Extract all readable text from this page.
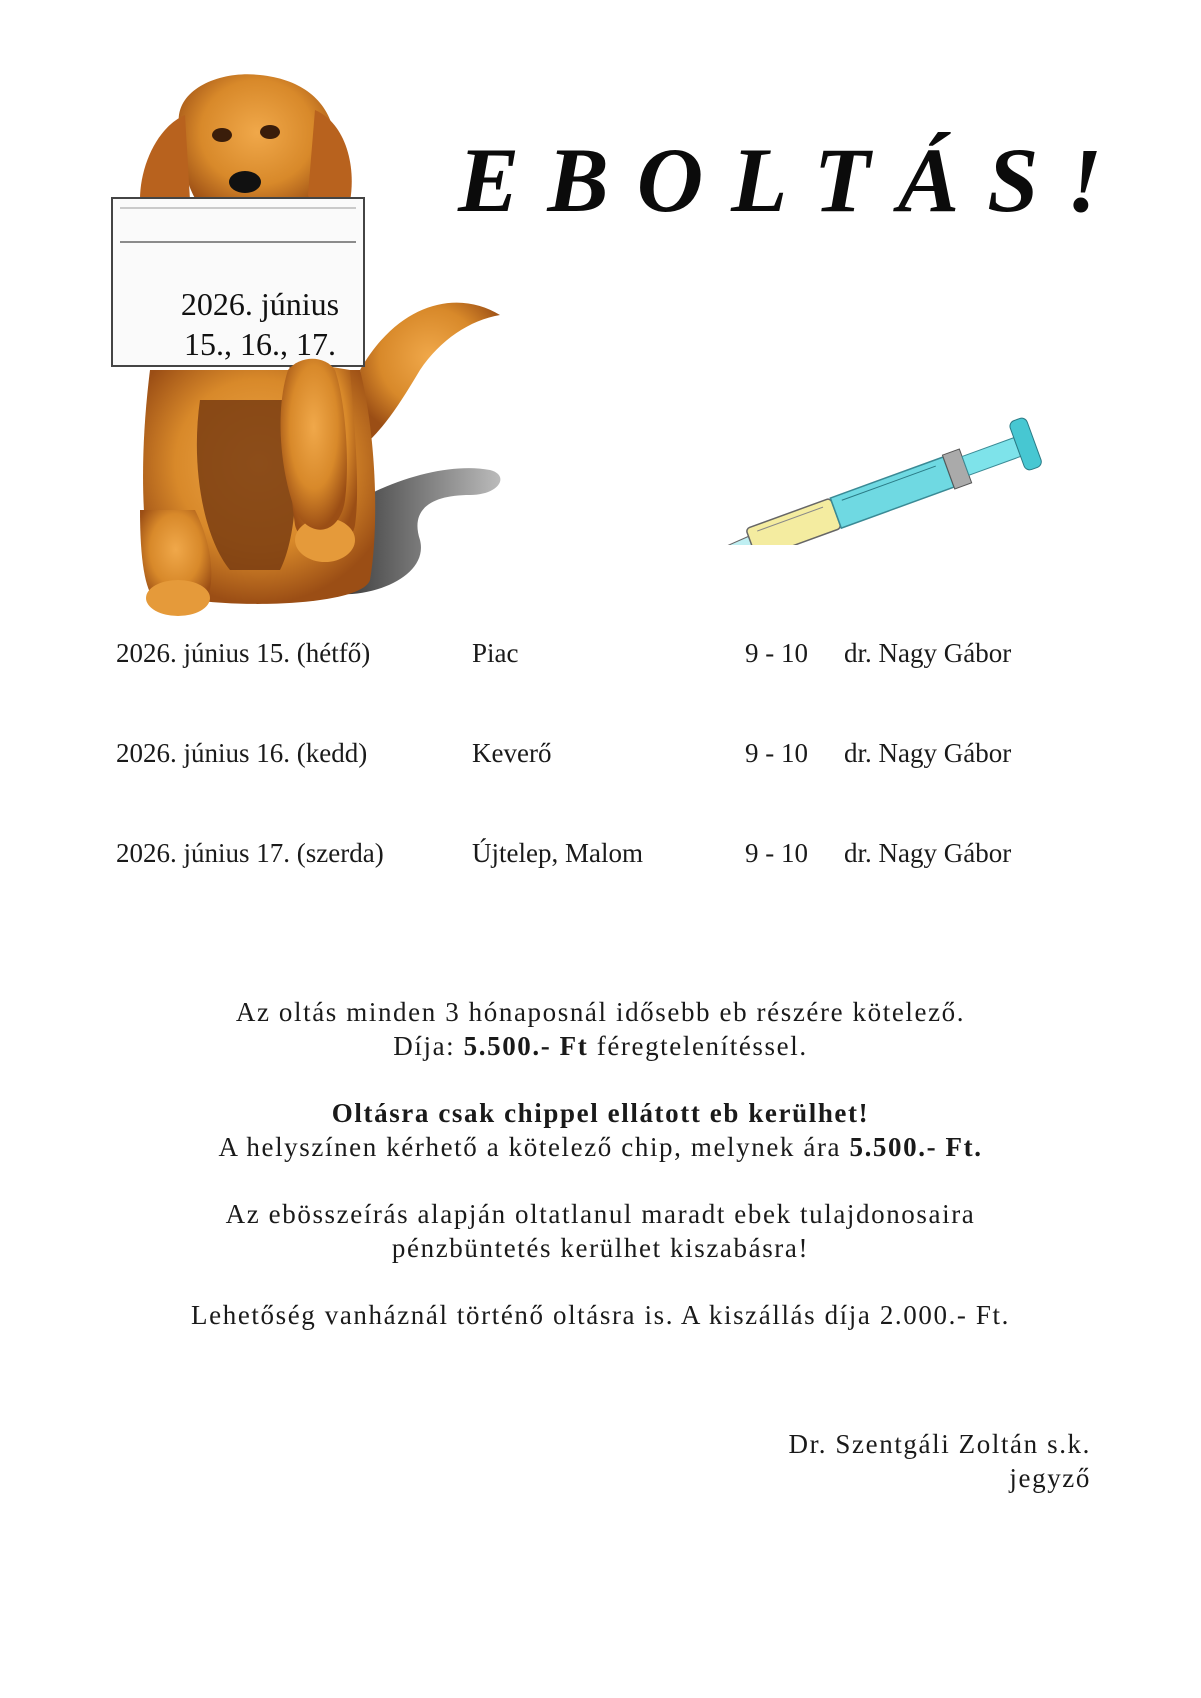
2026. június
15., 16., 17.
EBOLTÁS!
2026. június 15. (hétfő)	Piac	9 - 10 dr. Nagy Gábor
2026. június 16. (kedd)	Keverő	9 - 10 dr. Nagy Gábor
2026. június 17. (szerda)	Újtelep, Malom	9 - 10 dr. Nagy Gábor
Az oltás minden 3 hónaposnál idősebb eb részére kötelező.
Díja: 5.500.- Ft féregtelenítéssel.
Oltásra csak chippel ellátott eb kerülhet!
A helyszínen kérhető a kötelező chip, melynek ára 5.500.- Ft.
Az ebösszeírás alapján oltatlanul maradt ebek tulajdonosaira
pénzbüntetés kerülhet kiszabásra!
Lehetőség vanháznál történő oltásra is. A kiszállás díja 2.000.- Ft.
Dr. Szentgáli Zoltán s.k.
jegyző
